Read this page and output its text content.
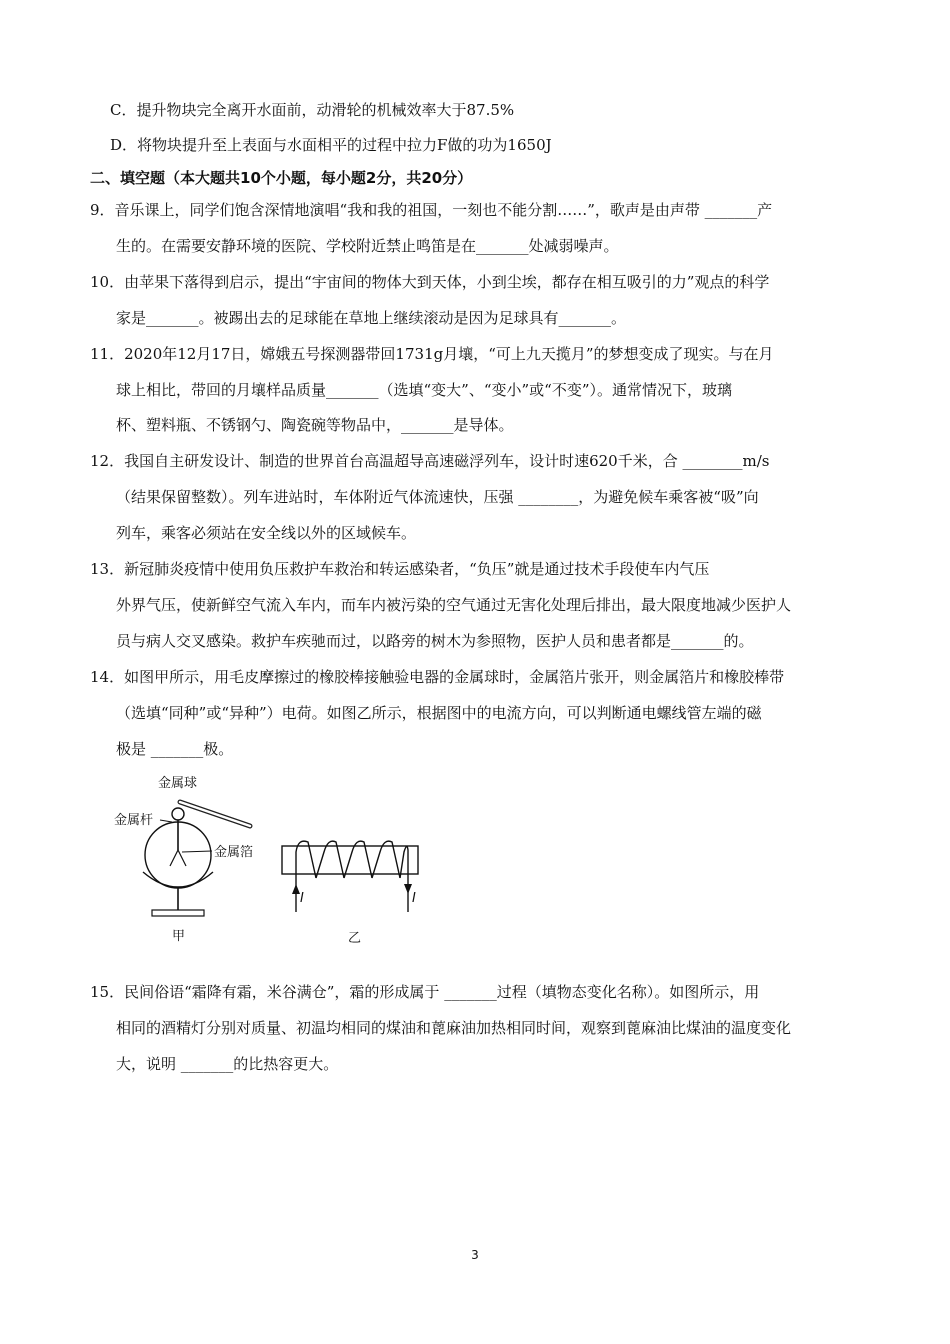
C．提升物块完全离开水面前，动滑轮的机械效率大于87.5%
D．将物块提升至上表面与水面相平的过程中拉力F做的功为1650J
二、填空题（本大题共10个小题，每小题2分，共20分）
9．音乐课上，同学们饱含深情地演唱“我和我的祖国，一刻也不能分割……”，歌声是由声带 _______产
生的。在需要安静环境的医院、学校附近禁止鸣笛是在_______处减弱噪声。
10．由苹果下落得到启示，提出“宇宙间的物体大到天体，小到尘埃，都存在相互吸引的力”观点的科学
家是_______。被踢出去的足球能在草地上继续滚动是因为足球具有_______。
11．2020年12月17日，嫦娥五号探测器带回1731g月壤，“可上九天揽月”的梦想变成了现实。与在月
球上相比，带回的月壤样品质量_______（选填“变大”、“变小”或“不变”）。通常情况下，玻璃
杯、塑料瓶、不锈钢勺、陶瓷碗等物品中，_______是导体。
12．我国自主研发设计、制造的世界首台高温超导高速磁浮列车，设计时速620千米，合 ________m/s
（结果保留整数）。列车进站时，车体附近气体流速快，压强 ________，为避免候车乘客被“吸”向
列车，乘客必须站在安全线以外的区域候车。
13．新冠肺炎疫情中使用负压救护车救治和转运感染者，“负压”就是通过技术手段使车内气压
外界气压，使新鲜空气流入车内，而车内被污染的空气通过无害化处理后排出，最大限度地减少医护人
员与病人交叉感染。救护车疾驰而过，以路旁的树木为参照物，医护人员和患者都是_______的。
14．如图甲所示，用毛皮摩擦过的橡胶棒接触验电器的金属球时，金属箔片张开，则金属箔片和橡胶棒带
（选填“同种”或“异种”）电荷。如图乙所示，根据图中的电流方向，可以判断通电螺线管左端的磁
极是 _______极。
金属球
金属杆
金属箔
甲
I	I
乙
15．民间俗语“霜降有霜，米谷满仓”，霜的形成属于 _______过程（填物态变化名称）。如图所示，用
相同的酒精灯分别对质量、初温均相同的煤油和蓖麻油加热相同时间，观察到蓖麻油比煤油的温度变化
大，说明 _______的比热容更大。
3
